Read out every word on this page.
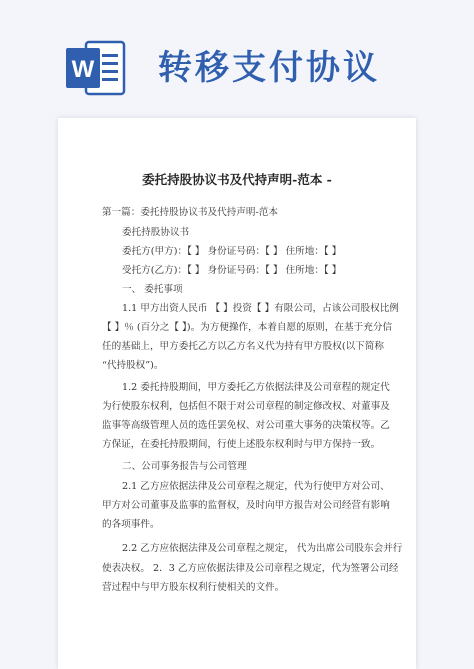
W 转移支付协议
委托持股协议书及代持声明-范本 -
第一篇：委托持股协议书及代持声明-范本
委托持股协议书
委托方(甲方)：【 】 身份证号码：【 】 住所地：【 】
受托方(乙方)：【 】 身份证号码：【 】 住所地：【 】
一、 委托事项
1.1 甲方出资人民币 【 】投资【 】有限公司，占该公司股权比例
【 】％ (百分之【 】)。为方便操作，本着自愿的原则，在基于充分信
任的基础上，甲方委托乙方以乙方名义代为持有甲方股权(以下简称
“代持股权”)。
1.2 委托持股期间，甲方委托乙方依据法律及公司章程的规定代
为行使股东权利，包括但不限于对公司章程的制定修改权、对董事及
监事等高级管理人员的选任罢免权、对公司重大事务的决策权等。乙
方保证，在委托持股期间，行使上述股东权利时与甲方保持一致。
二、公司事务报告与公司管理
2.1 乙方应依据法律及公司章程之规定，代为行使甲方对公司、
甲方对公司董事及监事的监督权，及时向甲方报告对公司经营有影响
的各项事件。
2.2 乙方应依据法律及公司章程之规定， 代为出席公司股东会并行
使表决权。 2．3 乙方应依据法律及公司章程之规定，代为签署公司经
营过程中与甲方股东权利行使相关的文件。
